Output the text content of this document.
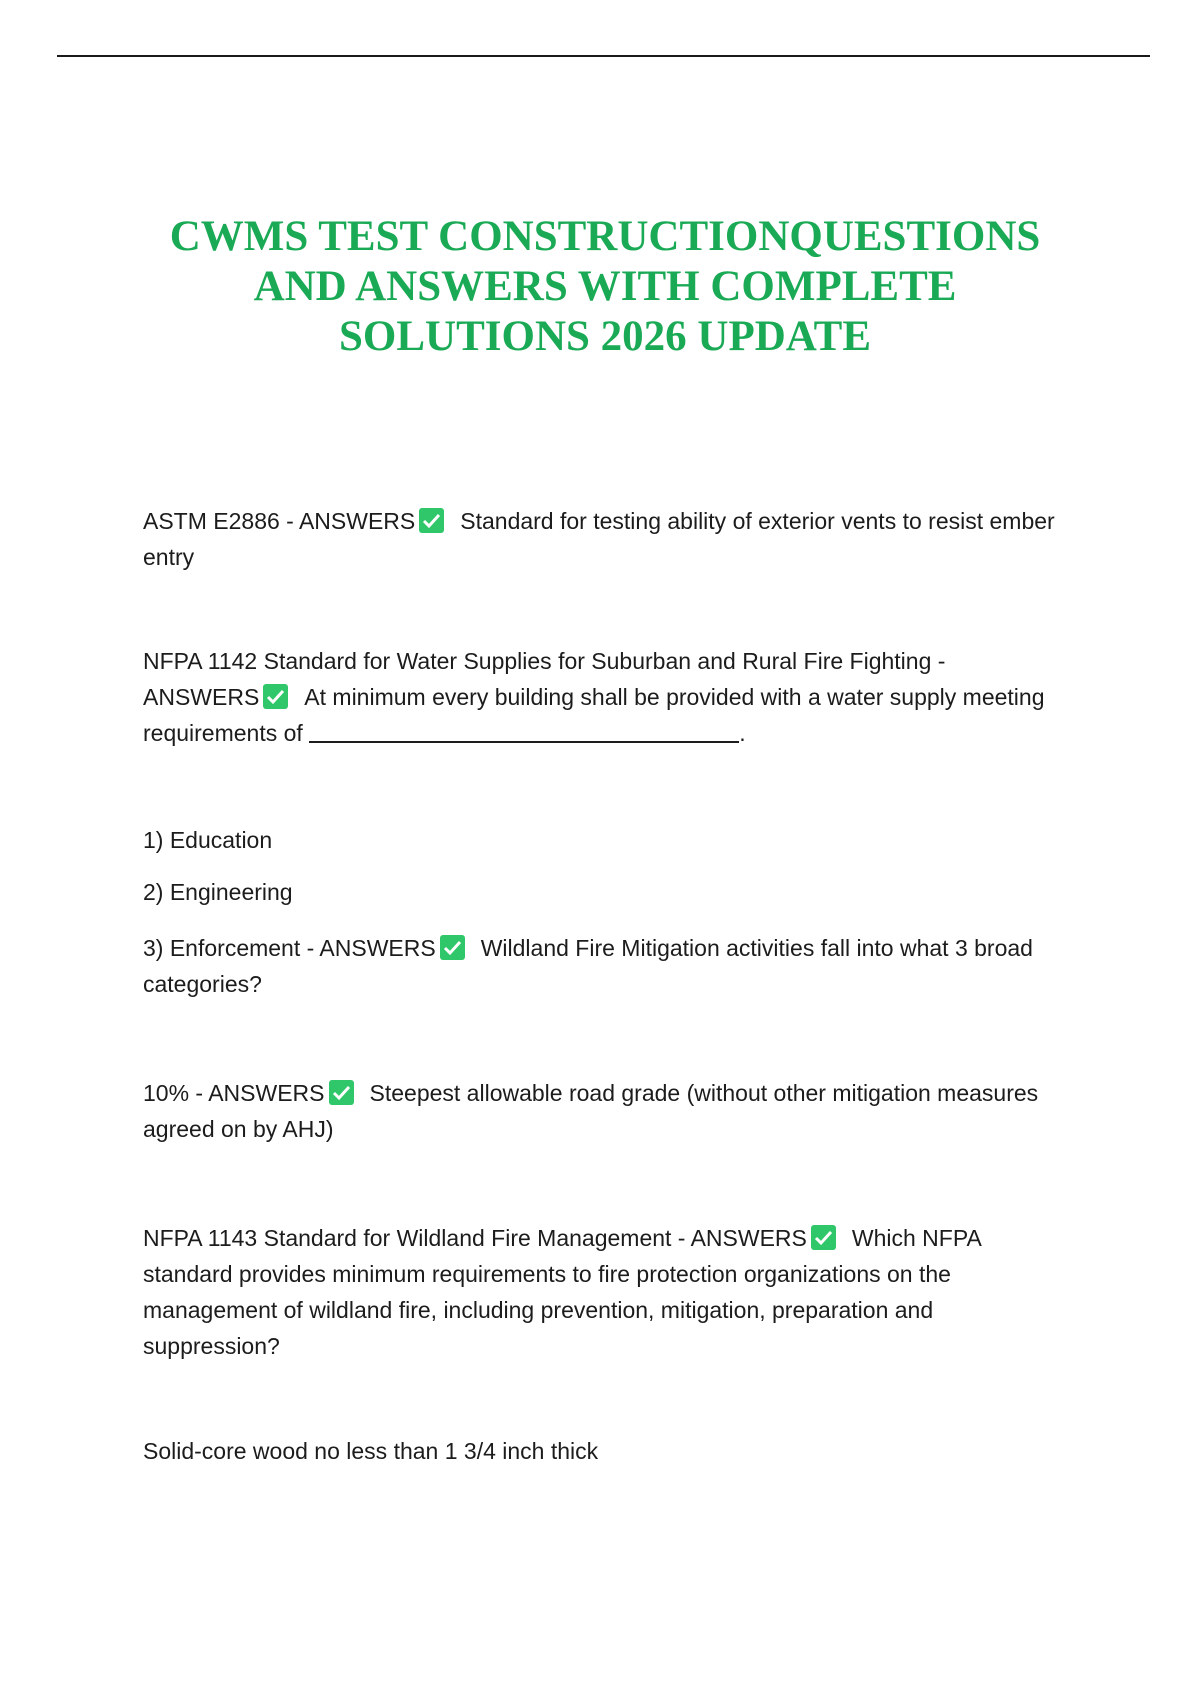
CWMS TEST CONSTRUCTIONQUESTIONS
AND ANSWERS WITH COMPLETE
SOLUTIONS 2026 UPDATE

ASTM E2886 - ANSWERS Standard for testing ability of exterior vents to resist ember entry

NFPA 1142 Standard for Water Supplies for Suburban and Rural Fire Fighting - ANSWERS At minimum every building shall be provided with a water supply meeting requirements of	.

1) Education

2) Engineering

3) Enforcement - ANSWERS Wildland Fire Mitigation activities fall into what 3 broad categories?

10% - ANSWERS Steepest allowable road grade (without other mitigation measures agreed on by AHJ)

NFPA 1143 Standard for Wildland Fire Management - ANSWERS Which NFPA standard provides minimum requirements to fire protection organizations on the management of wildland fire, including prevention, mitigation, preparation and suppression?

Solid-core wood no less than 1 3/4 inch thick
